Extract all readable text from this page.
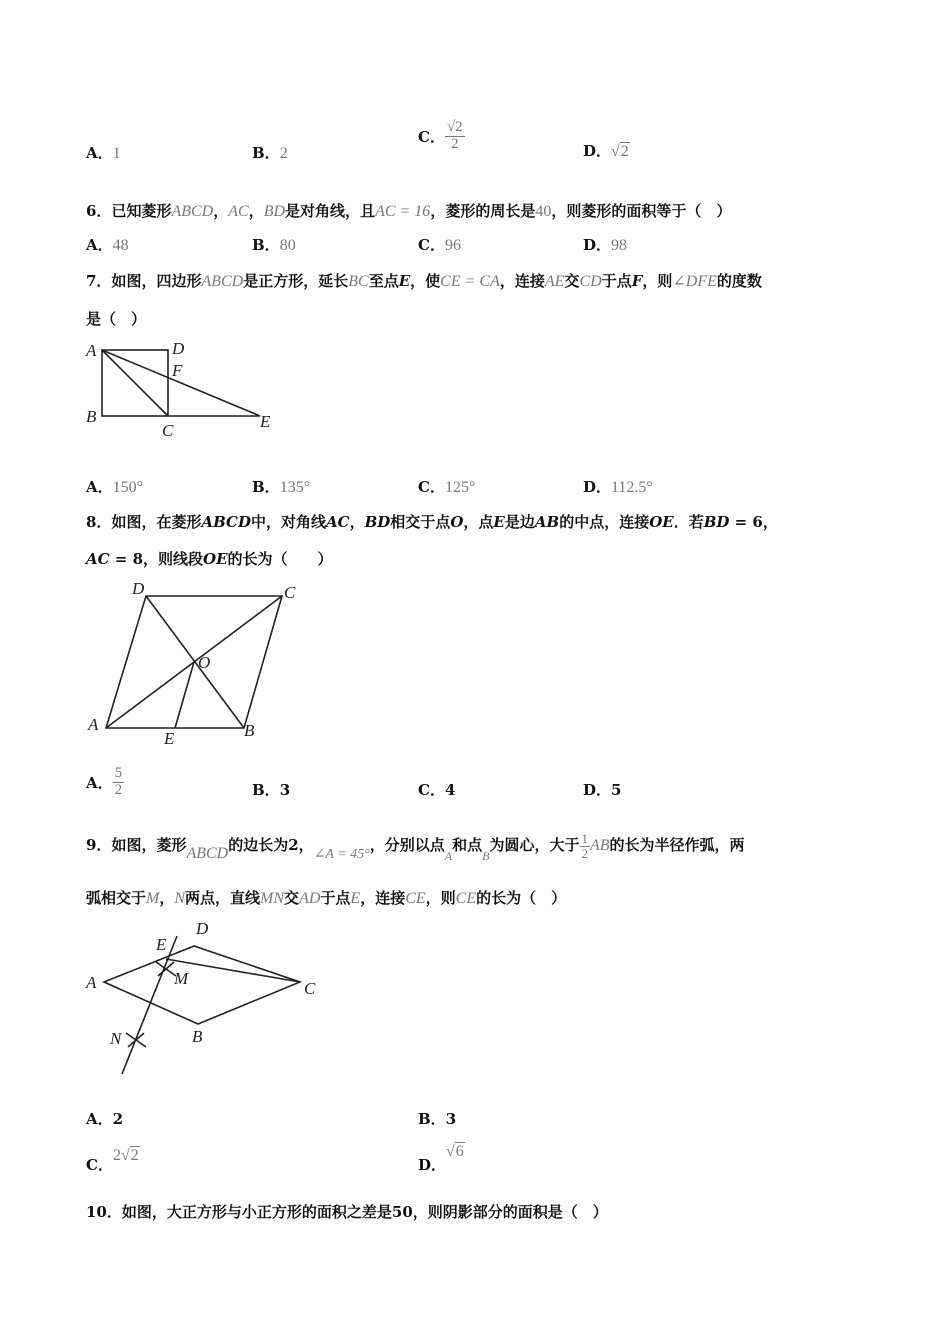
A．1	B．2
C． $\frac{√2}{2}$	D．√2
6．已知菱形ABCD，AC，BD是对角线，且AC = 16，菱形的周长是40，则菱形的面积等于（　）
A．48	B．80	C．96	D．98
7．如图，四边形ABCD是正方形，延长BC至点E，使CE = CA，连接AE交CD于点F，则∠DFE的度数
是（　）
A	D
F
B
C	E
A．150°	B．135°	C．125°	D．112.5°
8．如图，在菱形ABCD中，对角线AC，BD相交于点O，点E是边AB的中点，连接OE．若BD = 6，
AC = 8，则线段OE的长为（　　）
A	B
C
D
E
O
A． $\frac{5}{2}$	B．3	C．4	D．5
9．如图，菱形ABCD的边长为2，∠A = 45°，分别以点$_A$和点$_B$为圆心，大于 $\frac{1}{2}$ AB的长为半径作弧，两
弧相交于M，N两点，直线MN交AD于点E，连接CE，则CE的长为（　）
A
B
C
D
E
M
N
A．2	B．3
C．2√2
D．√6
10．如图，大正方形与小正方形的面积之差是50，则阴影部分的面积是（　）
